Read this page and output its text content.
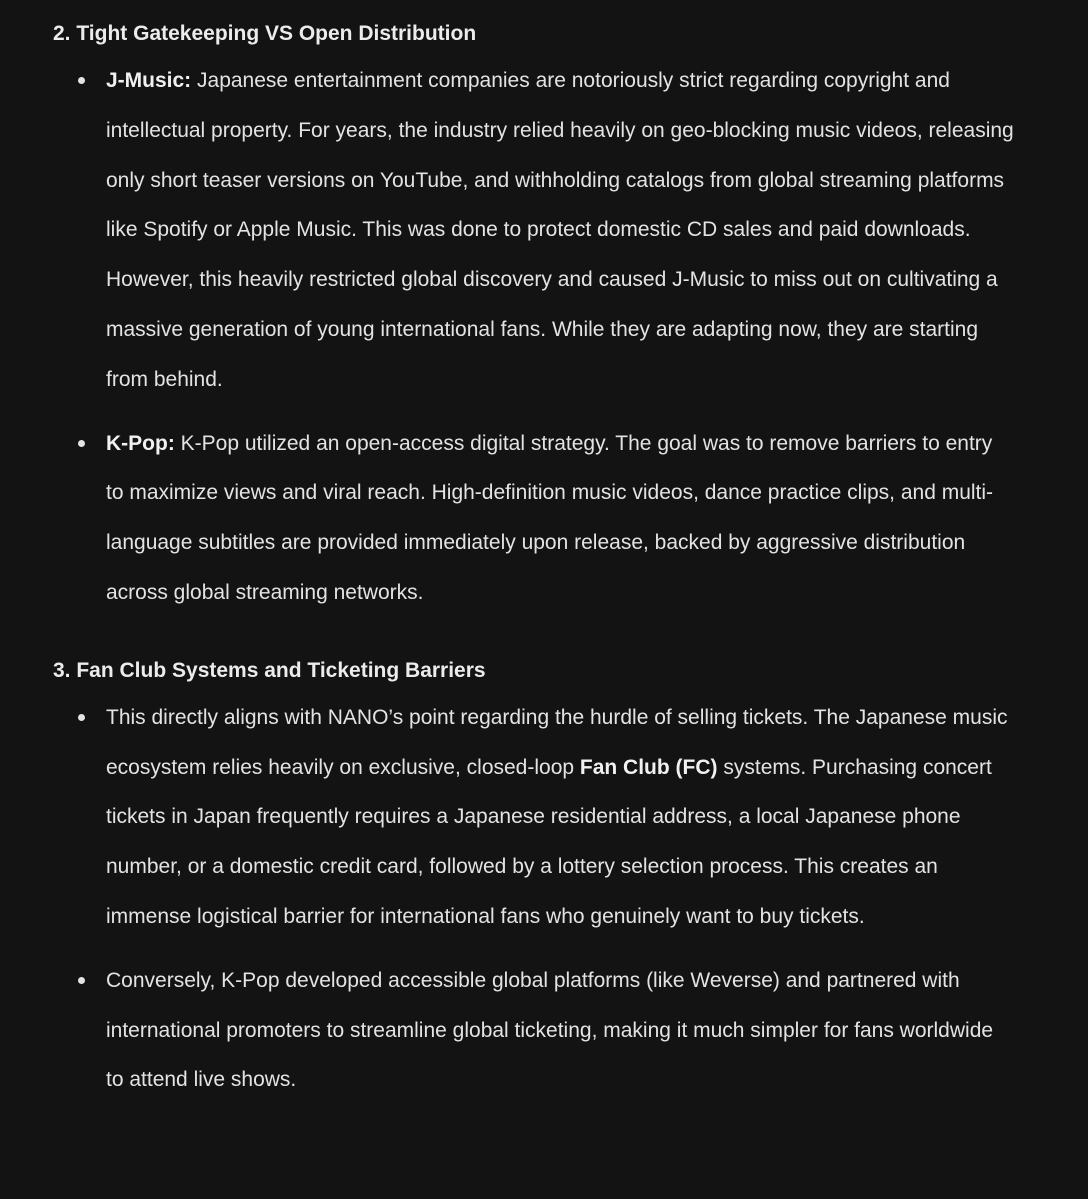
2. Tight Gatekeeping VS Open Distribution
J-Music: Japanese entertainment companies are notoriously strict regarding copyright and intellectual property. For years, the industry relied heavily on geo-blocking music videos, releasing only short teaser versions on YouTube, and withholding catalogs from global streaming platforms like Spotify or Apple Music. This was done to protect domestic CD sales and paid downloads. However, this heavily restricted global discovery and caused J-Music to miss out on cultivating a massive generation of young international fans. While they are adapting now, they are starting from behind.
K-Pop: K-Pop utilized an open-access digital strategy. The goal was to remove barriers to entry to maximize views and viral reach. High-definition music videos, dance practice clips, and multi-language subtitles are provided immediately upon release, backed by aggressive distribution across global streaming networks.
3. Fan Club Systems and Ticketing Barriers
This directly aligns with NANO’s point regarding the hurdle of selling tickets. The Japanese music ecosystem relies heavily on exclusive, closed-loop Fan Club (FC) systems. Purchasing concert tickets in Japan frequently requires a Japanese residential address, a local Japanese phone number, or a domestic credit card, followed by a lottery selection process. This creates an immense logistical barrier for international fans who genuinely want to buy tickets.
Conversely, K-Pop developed accessible global platforms (like Weverse) and partnered with international promoters to streamline global ticketing, making it much simpler for fans worldwide to attend live shows.
